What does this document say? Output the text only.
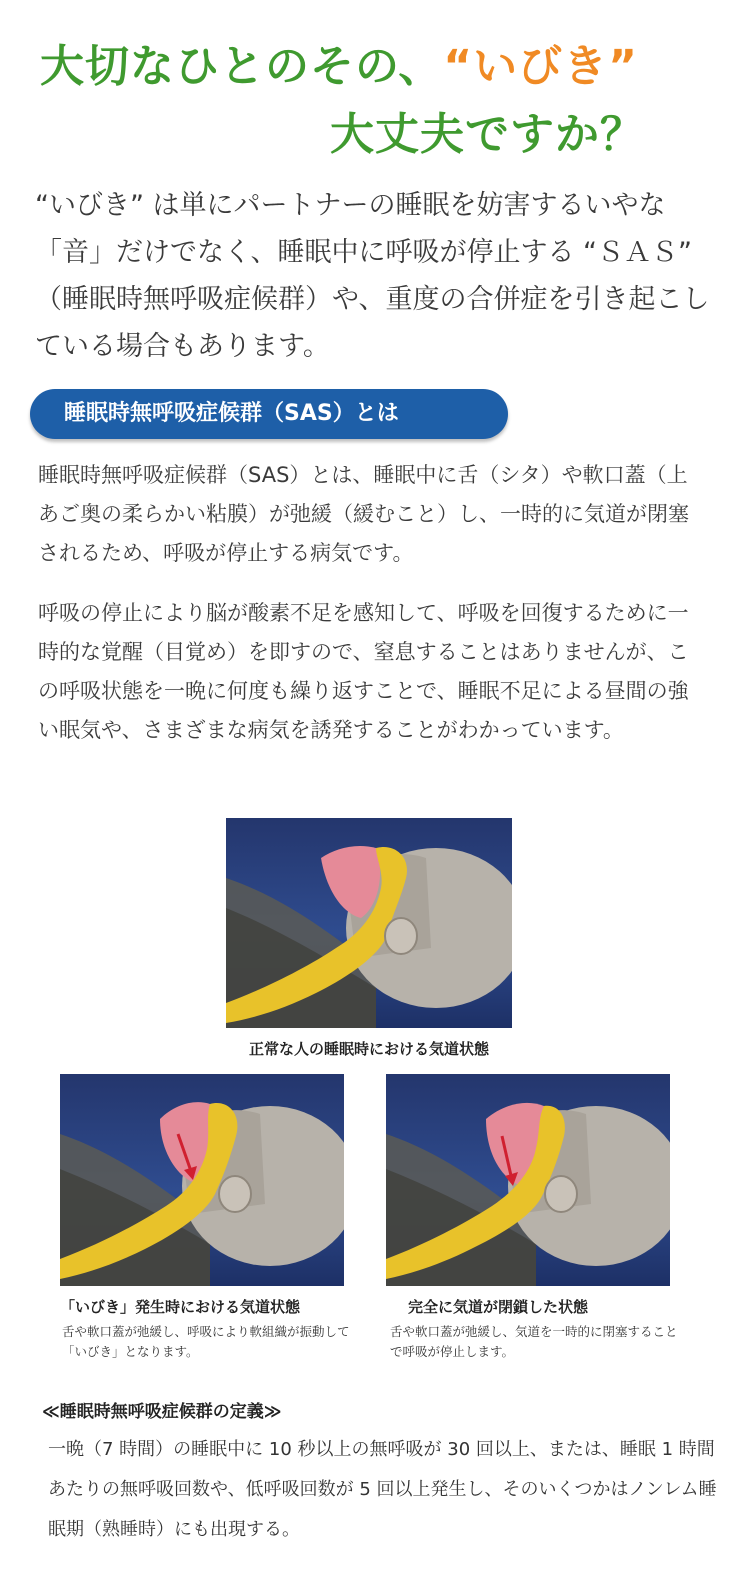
大切なひとのその、“いびき”
大丈夫ですか？
“いびき” は単にパートナーの睡眠を妨害するいやな「音」だけでなく、睡眠中に呼吸が停止する “ＳＡＳ” （睡眠時無呼吸症候群）や、重度の合併症を引き起こしている場合もあります。
睡眠時無呼吸症候群（SAS）とは
睡眠時無呼吸症候群（SAS）とは、睡眠中に舌（シタ）や軟口蓋（上あご奥の柔らかい粘膜）が弛緩（緩むこと）し、一時的に気道が閉塞されるため、呼吸が停止する病気です。
呼吸の停止により脳が酸素不足を感知して、呼吸を回復するために一時的な覚醒（目覚め）を即すので、窒息することはありませんが、この呼吸状態を一晩に何度も繰り返すことで、睡眠不足による昼間の強い眠気や、さまざまな病気を誘発することがわかっています。
正常な人の睡眠時における気道状態
「いびき」発生時における気道状態
舌や軟口蓋が弛緩し、呼吸により軟組織が振動して「いびき」となります。
完全に気道が閉鎖した状態
舌や軟口蓋が弛緩し、気道を一時的に閉塞することで呼吸が停止します。
≪睡眠時無呼吸症候群の定義≫
一晩（7 時間）の睡眠中に 10 秒以上の無呼吸が 30 回以上、または、睡眠 1 時間あたりの無呼吸回数や、低呼吸回数が 5 回以上発生し、そのいくつかはノンレム睡眠期（熟睡時）にも出現する。
